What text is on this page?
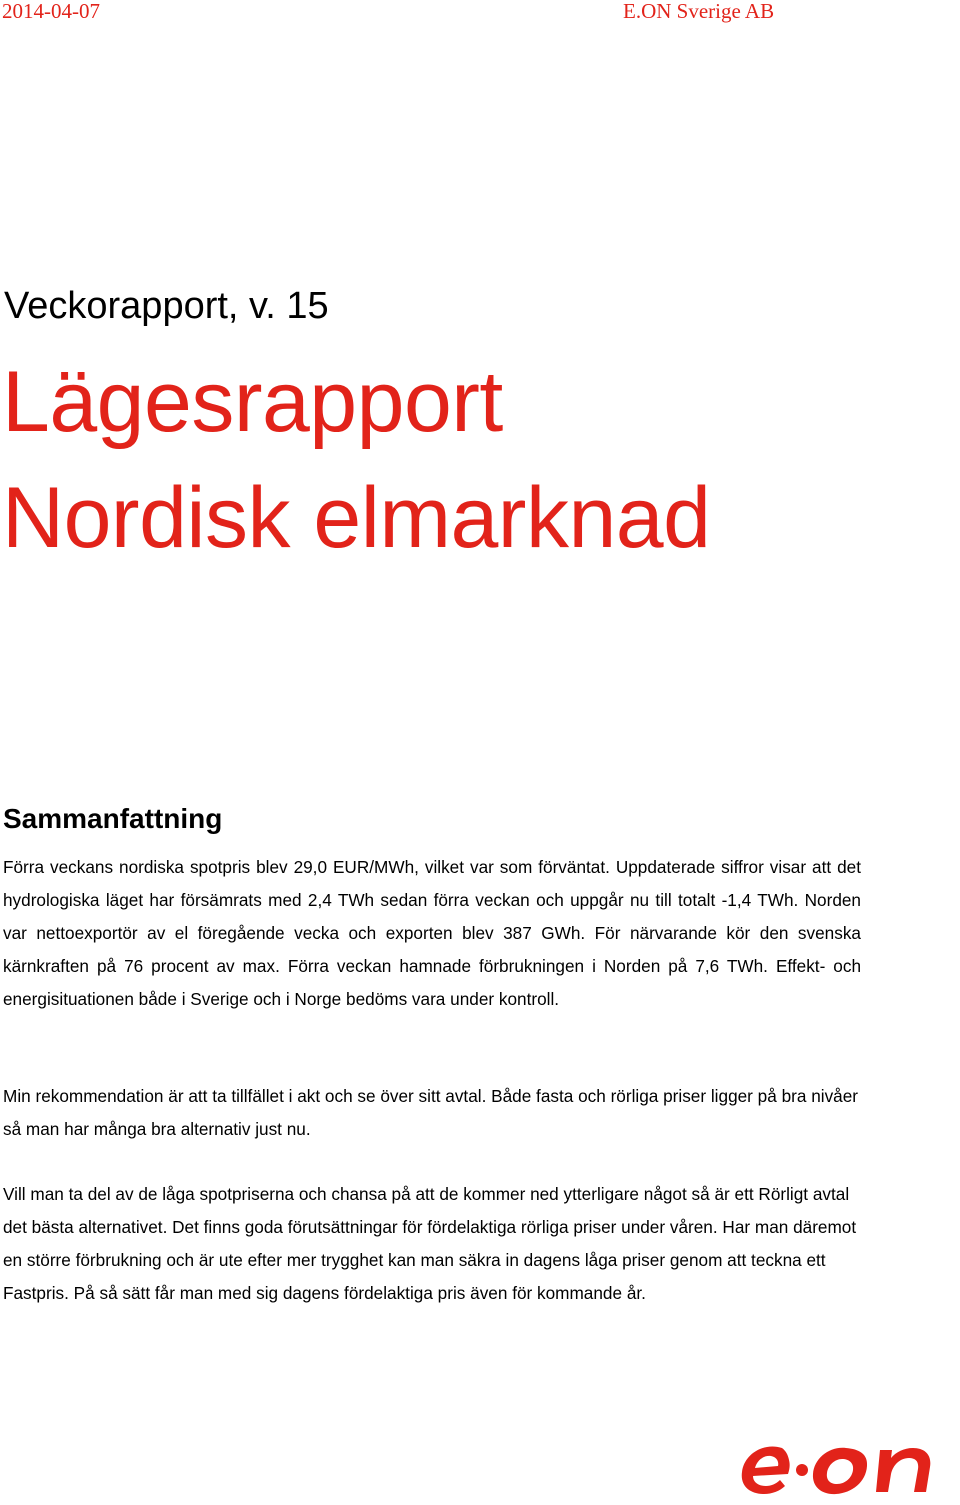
2014-04-07	E.ON Sverige AB
Veckorapport, v. 15
Lägesrapport
Nordisk elmarknad
Sammanfattning

Förra veckans nordiska spotpris blev 29,0 EUR/MWh, vilket var som förväntat. Uppdaterade siffror visar att det hydrologiska läget har försämrats med 2,4 TWh sedan förra veckan och uppgår nu till totalt -1,4 TWh. Norden var nettoexportör av el föregående vecka och exporten blev 387 GWh. För närvarande kör den svenska kärnkraften på 76 procent av max. Förra veckan hamnade förbrukningen i Norden på 7,6 TWh. Effekt- och energisituationen både i Sverige och i Norge bedöms vara under kontroll.

Min rekommendation är att ta tillfället i akt och se över sitt avtal. Både fasta och rörliga priser ligger på bra nivåer så man har många bra alternativ just nu.

Vill man ta del av de låga spotpriserna och chansa på att de kommer ned ytterligare något så är ett Rörligt avtal det bästa alternativet. Det finns goda förutsättningar för fördelaktiga rörliga priser under våren. Har man däremot en större förbrukning och är ute efter mer trygghet kan man säkra in dagens låga priser genom att teckna ett Fastpris. På så sätt får man med sig dagens fördelaktiga pris även för kommande år.
